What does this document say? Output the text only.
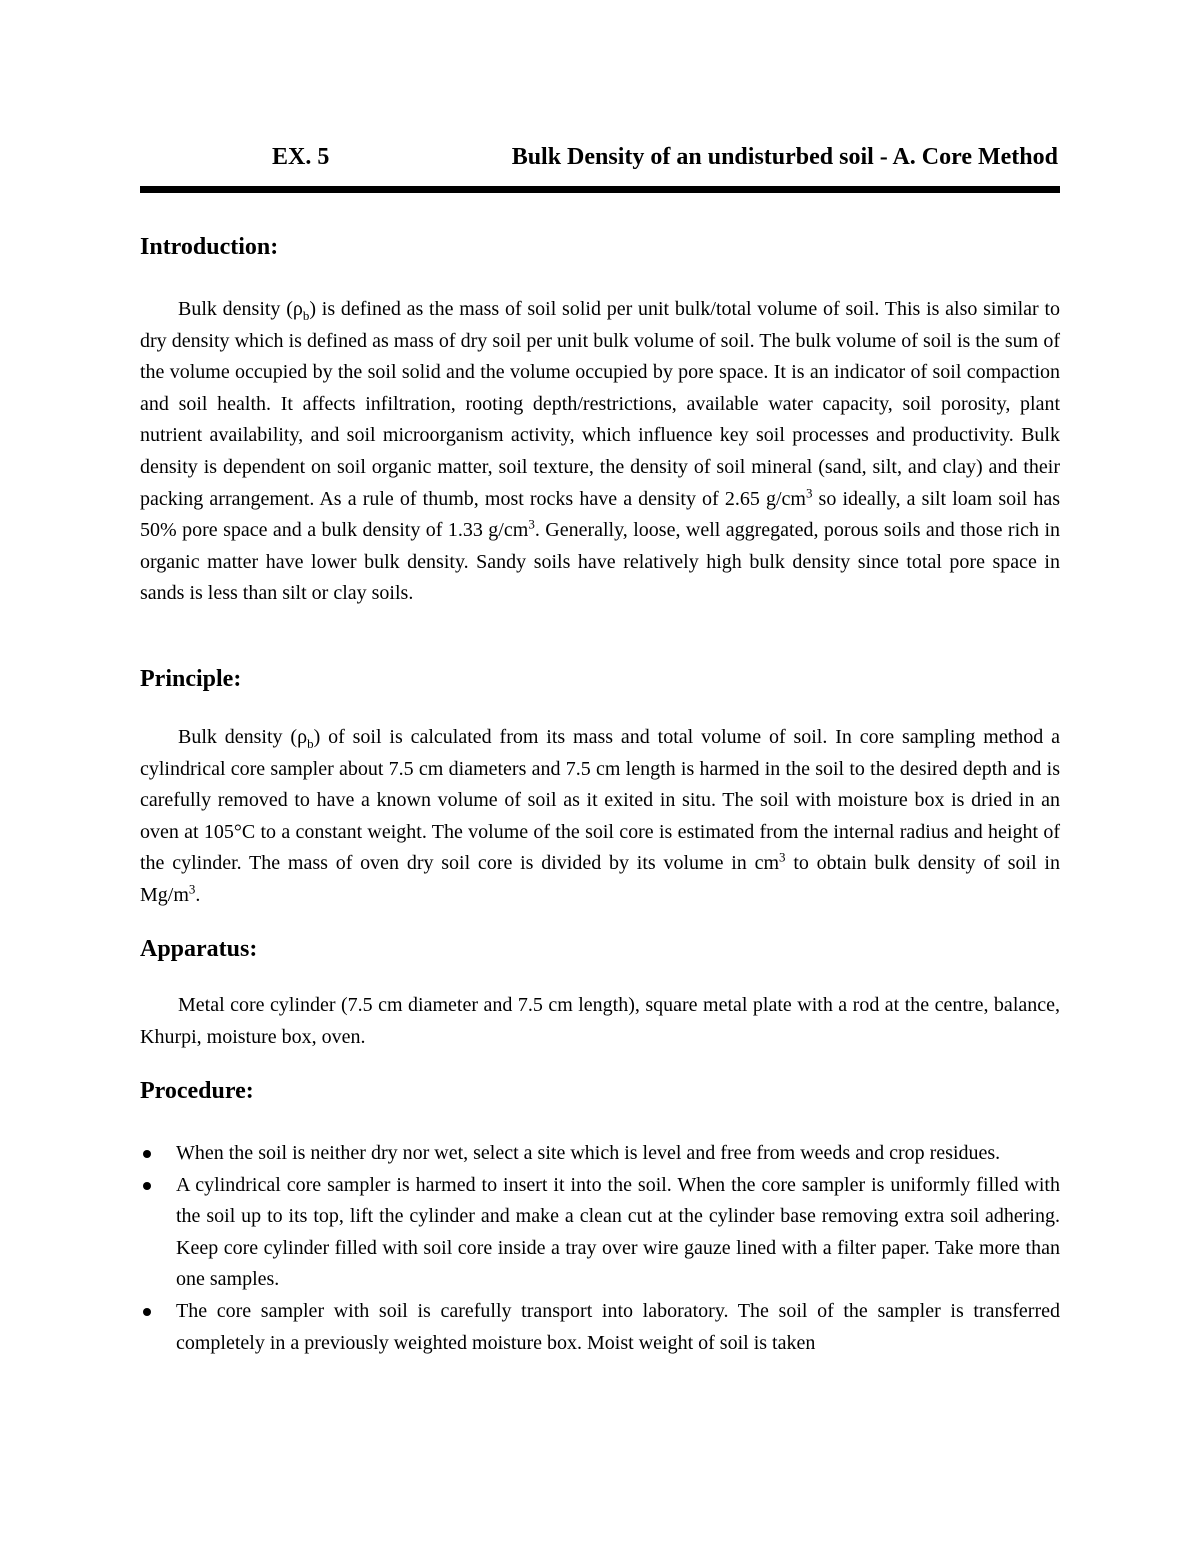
EX. 5	Bulk Density of an undisturbed soil - A. Core Method
Introduction:

Bulk density $(\rho_b)$ is defined as the mass of soil solid per unit bulk/total volume of soil. This is also similar to dry density which is defined as mass of dry soil per unit bulk volume of soil. The bulk volume of soil is the sum of the volume occupied by the soil solid and the volume occupied by pore space. It is an indicator of soil compaction and soil health. It affects infiltration, rooting depth/restrictions, available water capacity, soil porosity, plant nutrient availability, and soil microorganism activity, which influence key soil processes and productivity. Bulk density is dependent on soil organic matter, soil texture, the density of soil mineral (sand, silt, and clay) and their packing arrangement. As a rule of thumb, most rocks have a density of 2.65 $g/cm^3$ so ideally, a silt loam soil has 50% pore space and a bulk density of 1.33 $g/cm^3$. Generally, loose, well aggregated, porous soils and those rich in organic matter have lower bulk density. Sandy soils have relatively high bulk density since total pore space in sands is less than silt or clay soils.

Principle:

Bulk density $(\rho_b)$ of soil is calculated from its mass and total volume of soil. In core sampling method a cylindrical core sampler about 7.5 cm diameters and 7.5 cm length is harmed in the soil to the desired depth and is carefully removed to have a known volume of soil as it exited in situ. The soil with moisture box is dried in an oven at 105°C to a constant weight. The volume of the soil core is estimated from the internal radius and height of the cylinder. The mass of oven dry soil core is divided by its volume in $cm^3$ to obtain bulk density of soil in $Mg/m^3$.

Apparatus:

Metal core cylinder (7.5 cm diameter and 7.5 cm length), square metal plate with a rod at the centre, balance, Khurpi, moisture box, oven.

Procedure:
When the soil is neither dry nor wet, select a site which is level and free from weeds and crop residues.
A cylindrical core sampler is harmed to insert it into the soil. When the core sampler is uniformly filled with the soil up to its top, lift the cylinder and make a clean cut at the cylinder base removing extra soil adhering. Keep core cylinder filled with soil core inside a tray over wire gauze lined with a filter paper. Take more than one samples.
The core sampler with soil is carefully transport into laboratory. The soil of the sampler is transferred completely in a previously weighted moisture box. Moist weight of soil is taken
